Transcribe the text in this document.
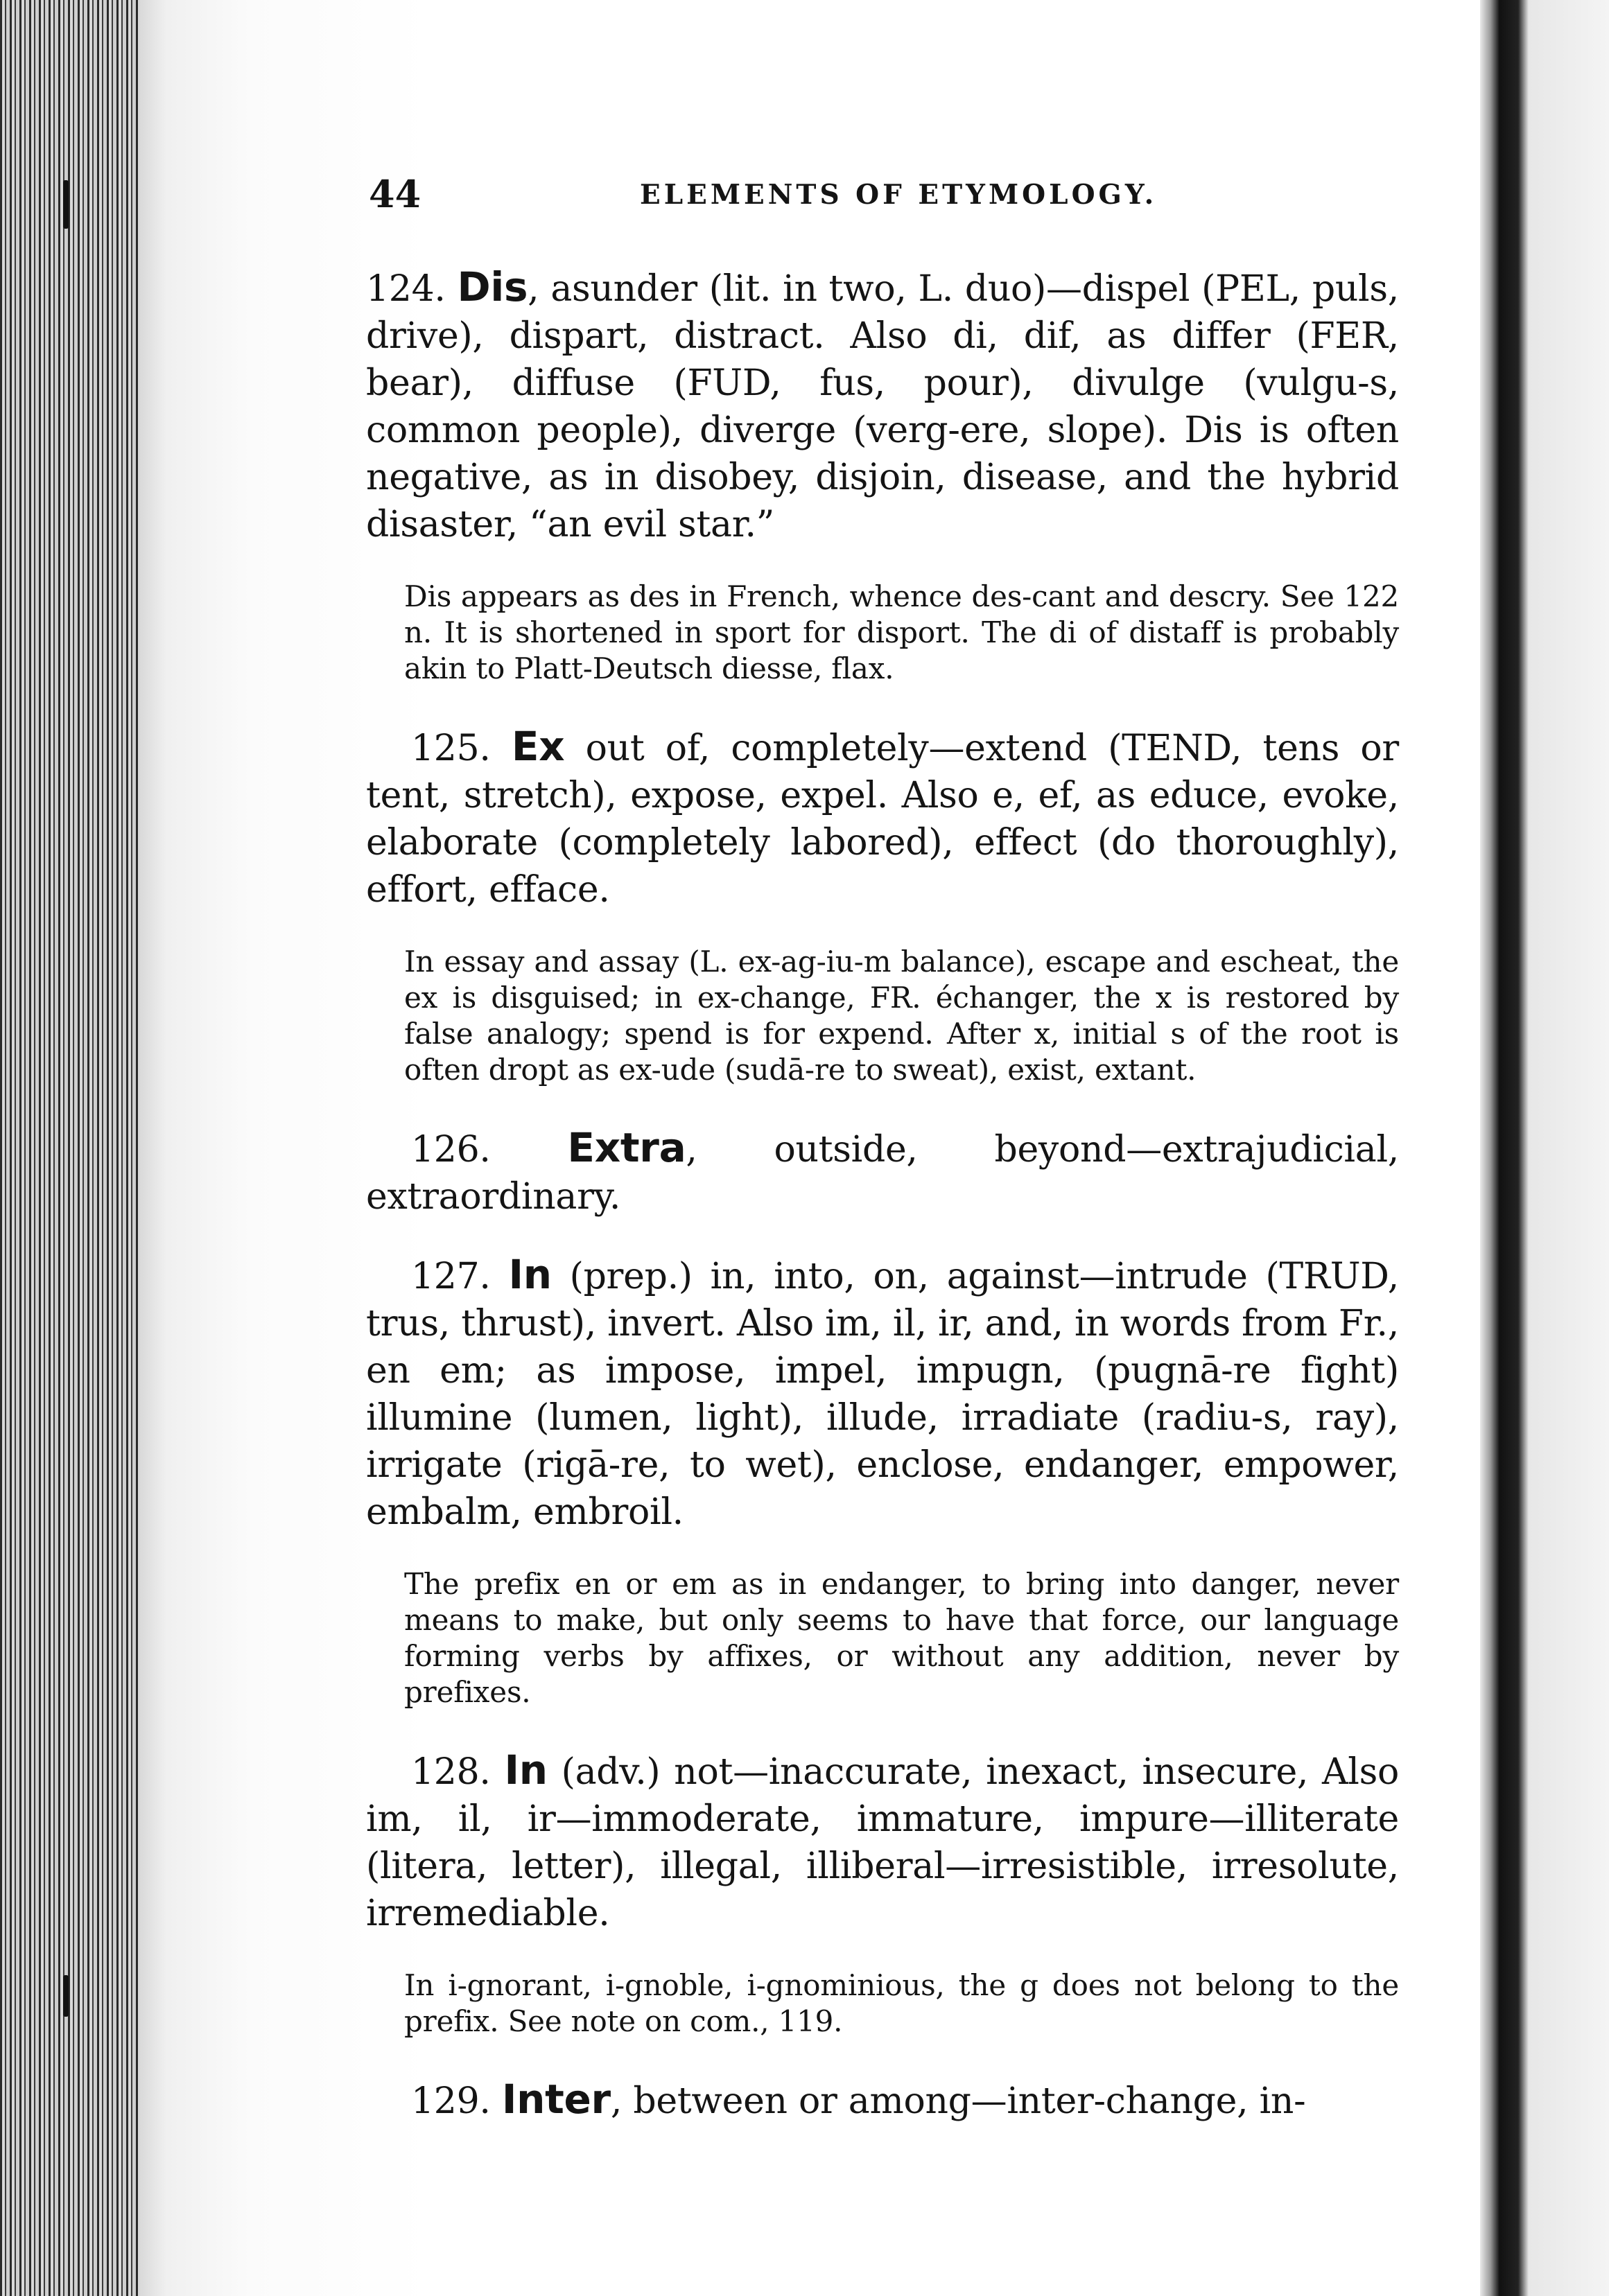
44	ELEMENTS OF ETYMOLOGY.

124. Dis, asunder (lit. in two, L. duo)—dispel (PEL, puls, drive), dispart, distract. Also di, dif, as differ (FER, bear), diffuse (FUD, fus, pour), divulge (vulgu-s, common people), diverge (verg-ere, slope). Dis is often negative, as in disobey, disjoin, disease, and the hybrid disaster, “an evil star.”

Dis appears as des in French, whence des-cant and descry. See 122 n. It is shortened in sport for disport. The di of distaff is probably akin to Platt-Deutsch diesse, flax.

125. Ex out of, completely—extend (TEND, tens or tent, stretch), expose, expel. Also e, ef, as educe, evoke, elaborate (completely labored), effect (do thoroughly), effort, efface.

In essay and assay (L. ex-ag-iu-m balance), escape and escheat, the ex is disguised; in ex-change, FR. échanger, the x is restored by false analogy; spend is for expend. After x, initial s of the root is often dropt as ex-ude (sudā-re to sweat), exist, extant.

126. Extra, outside, beyond—extrajudicial, extraordinary.

127. In (prep.) in, into, on, against—intrude (TRUD, trus, thrust), invert. Also im, il, ir, and, in words from Fr., en em; as impose, impel, impugn, (pugnā-re fight) illumine (lumen, light), illude, irradiate (radiu-s, ray), irrigate (rigā-re, to wet), enclose, endanger, empower, embalm, embroil.

The prefix en or em as in endanger, to bring into danger, never means to make, but only seems to have that force, our language forming verbs by affixes, or without any addition, never by prefixes.

128. In (adv.) not—inaccurate, inexact, insecure, Also im, il, ir—immoderate, immature, impure—illiterate (litera, letter), illegal, illiberal—irresistible, irresolute, irremediable.

In i-gnorant, i-gnoble, i-gnominious, the g does not belong to the prefix. See note on com., 119.

129. Inter, between or among—inter-change, in-
